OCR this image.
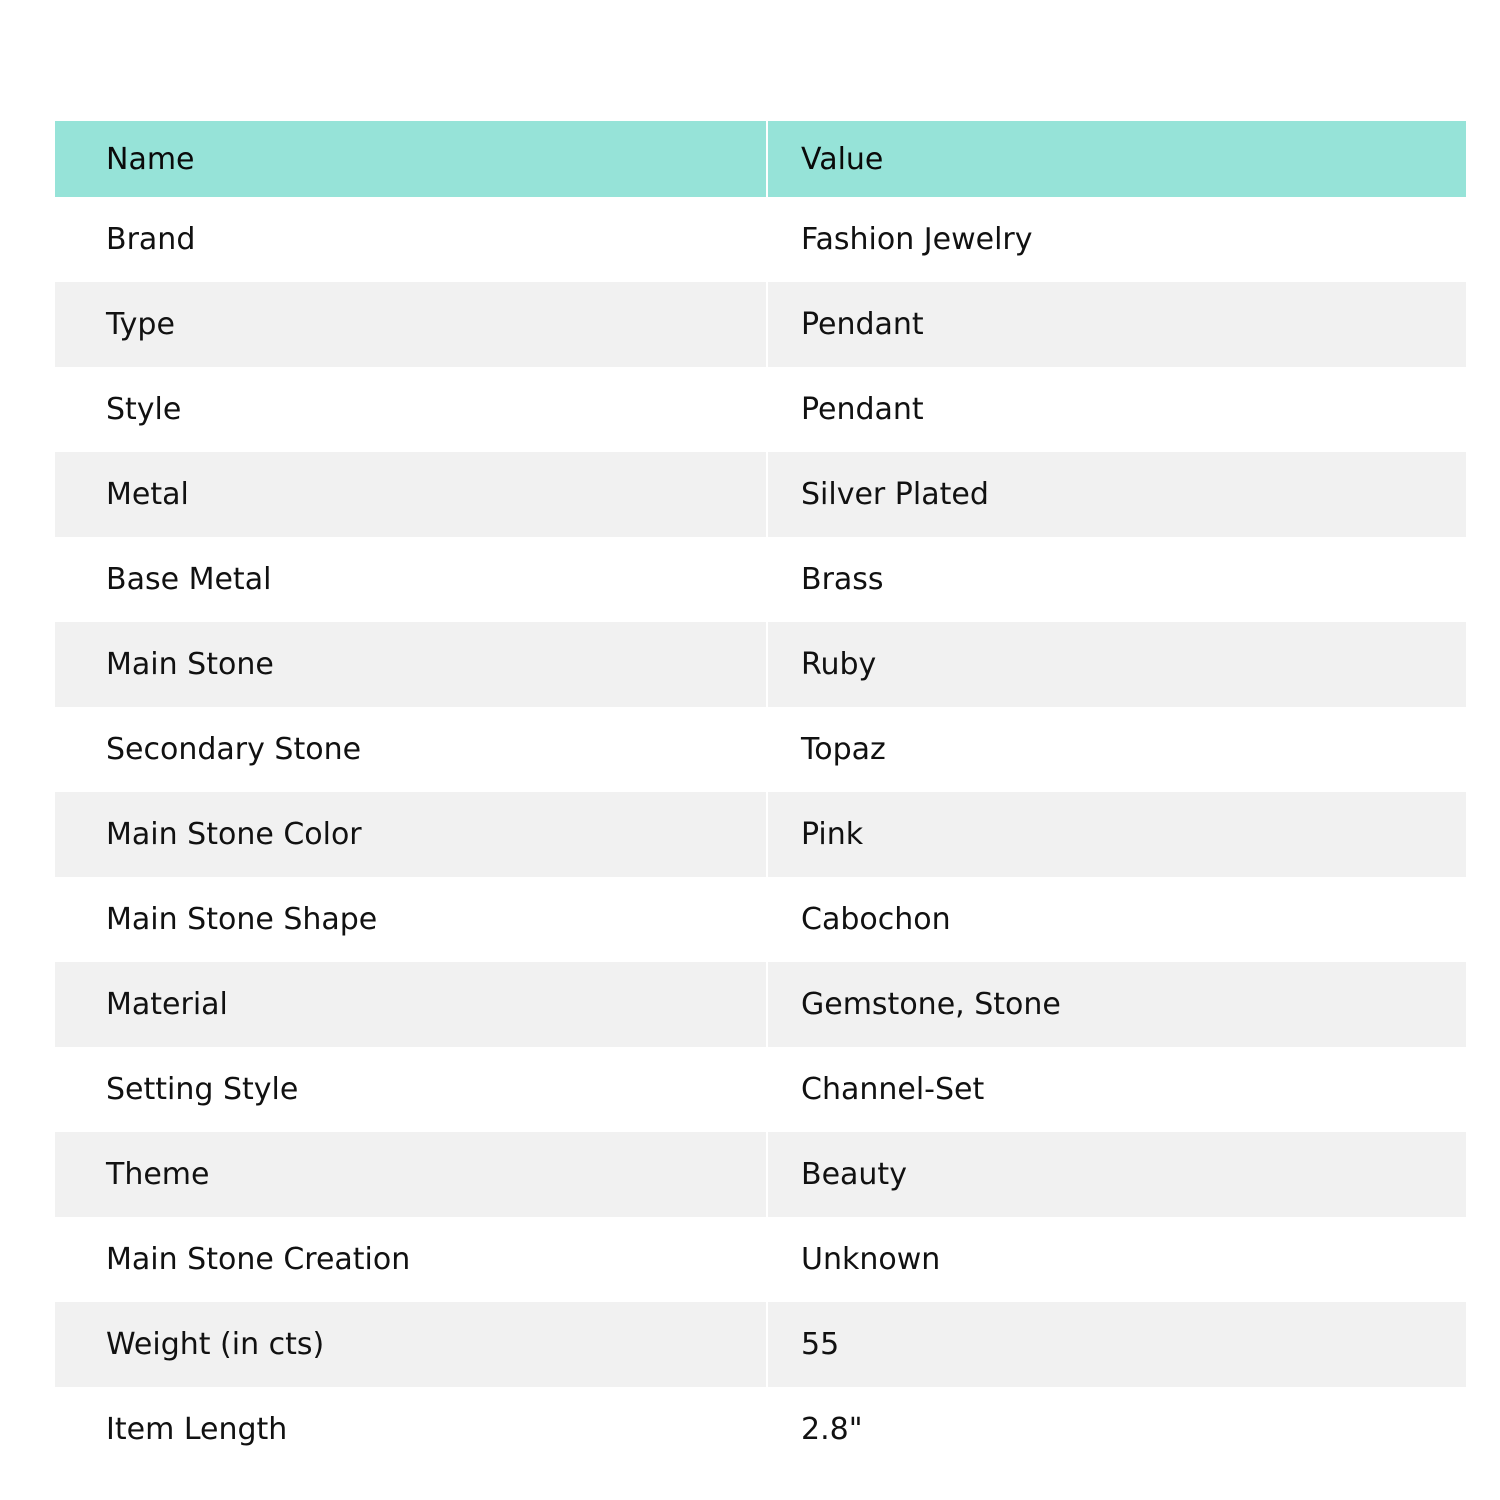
Name	Value
Brand	Fashion Jewelry
Type	Pendant
Style	Pendant
Metal	Silver Plated
Base Metal	Brass
Main Stone	Ruby
Secondary Stone	Topaz
Main Stone Color	Pink
Main Stone Shape	Cabochon
Material	Gemstone, Stone
Setting Style	Channel-Set
Theme	Beauty
Main Stone Creation	Unknown
Weight (in cts)	55
Item Length	2.8"
